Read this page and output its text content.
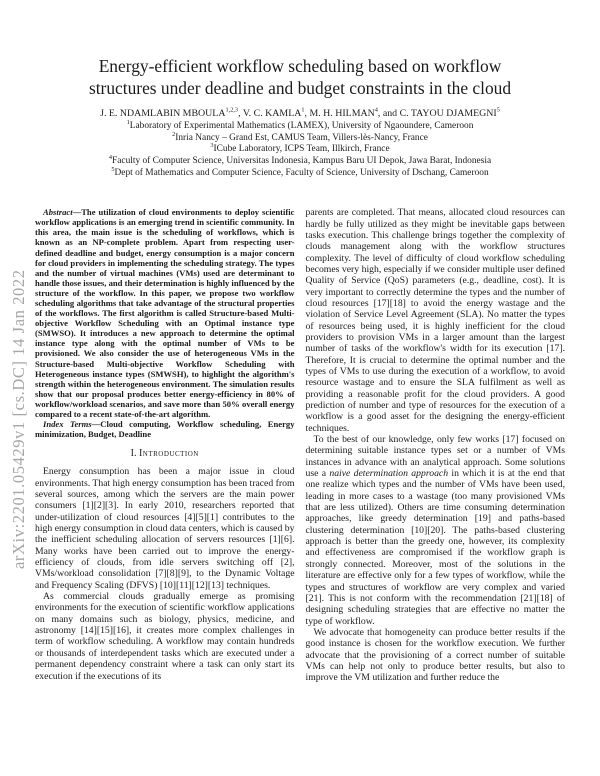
arXiv:2201.05429v1 [cs.DC] 14 Jan 2022
Energy-efficient workflow scheduling based on workflow structures under deadline and budget constraints in the cloud
J. E. NDAMLABIN MBOULA$^{1,2,3}$, V. C. KAMLA$^1$, M. H. HILMAN$^4$, and C. TAYOU DJAMEGNI$^5$
$^1$Laboratory of Experimental Mathematics (LAMEX), University of Ngaoundere, Cameroon
$^2$Inria Nancy – Grand Est, CAMUS Team, Villers-lès-Nancy, France
$^3$ICube Laboratory, ICPS Team, Illkirch, France
$^4$Faculty of Computer Science, Universitas Indonesia, Kampus Baru UI Depok, Jawa Barat, Indonesia
$^5$Dept of Mathematics and Computer Science, Faculty of Science, University of Dschang, Cameroon

Abstract—The utilization of cloud environments to deploy scientific workflow applications is an emerging trend in scientific community. In this area, the main issue is the scheduling of workflows, which is known as an NP-complete problem. Apart from respecting user-defined deadline and budget, energy consumption is a major concern for cloud providers in implementing the scheduling strategy. The types and the number of virtual machines (VMs) used are determinant to handle those issues, and their determination is highly influenced by the structure of the workflow. In this paper, we propose two workflow scheduling algorithms that take advantage of the structural properties of the workflows. The first algorithm is called Structure-based Multi-objective Workflow Scheduling with an Optimal instance type (SMWSO). It introduces a new approach to determine the optimal instance type along with the optimal number of VMs to be provisioned. We also consider the use of heterogeneous VMs in the Structure-based Multi-objective Workflow Scheduling with Heterogeneous instance types (SMWSH), to highlight the algorithm's strength within the heterogeneous environment. The simulation results show that our proposal produces better energy-efficiency in 80% of workflow/workload scenarios, and save more than 50% overall energy compared to a recent state-of-the-art algorithm.

Index Terms—Cloud computing, Workflow scheduling, Energy minimization, Budget, Deadline

I. Introduction

Energy consumption has been a major issue in cloud environments. That high energy consumption has been traced from several sources, among which the servers are the main power consumers [1][2][3]. In early 2010, researchers reported that under-utilization of cloud resources [4][5][1] contributes to the high energy consumption in cloud data centers, which is caused by the inefficient scheduling allocation of servers resources [1][6]. Many works have been carried out to improve the energy-efficiency of clouds, from idle servers switching off [2], VMs/workload consolidation [7][8][9], to the Dynamic Voltage and Frequency Scaling (DFVS) [10][11][12][13] techniques.

As commercial clouds gradually emerge as promising environments for the execution of scientific workflow applications on many domains such as biology, physics, medicine, and astronomy [14][15][16], it creates more complex challenges in term of workflow scheduling. A workflow may contain hundreds or thousands of interdependent tasks which are executed under a permanent dependency constraint where a task can only start its execution if the executions of its

parents are completed. That means, allocated cloud resources can hardly be fully utilized as they might be inevitable gaps between tasks execution. This challenge brings together the complexity of clouds management along with the workflow structures complexity. The level of difficulty of cloud workflow scheduling becomes very high, especially if we consider multiple user defined Quality of Service (QoS) parameters (e.g., deadline, cost). It is very important to correctly determine the types and the number of cloud resources [17][18] to avoid the energy wastage and the violation of Service Level Agreement (SLA). No matter the types of resources being used, it is highly inefficient for the cloud providers to provision VMs in a larger amount than the largest number of tasks of the workflow's width for its execution [17]. Therefore, It is crucial to determine the optimal number and the types of VMs to use during the execution of a workflow, to avoid resource wastage and to ensure the SLA fulfilment as well as providing a reasonable profit for the cloud providers. A good prediction of number and type of resources for the execution of a workflow is a good asset for the designing the energy-efficient techniques.

To the best of our knowledge, only few works [17] focused on determining suitable instance types set or a number of VMs instances in advance with an analytical approach. Some solutions use a naive determination approach in which it is at the end that one realize which types and the number of VMs have been used, leading in more cases to a wastage (too many provisioned VMs that are less utilized). Others are time consuming determination approaches, like greedy determination [19] and paths-based clustering determination [10][20]. The paths-based clustering approach is better than the greedy one, however, its complexity and effectiveness are compromised if the workflow graph is strongly connected. Moreover, most of the solutions in the literature are effective only for a few types of workflow, while the types and structures of workflow are very complex and varied [21]. This is not conform with the recommendation [21][18] of designing scheduling strategies that are effective no matter the type of workflow.

We advocate that homogeneity can produce better results if the good instance is chosen for the workflow execution. We further advocate that the provisioning of a correct number of suitable VMs can help not only to produce better results, but also to improve the VM utilization and further reduce the
